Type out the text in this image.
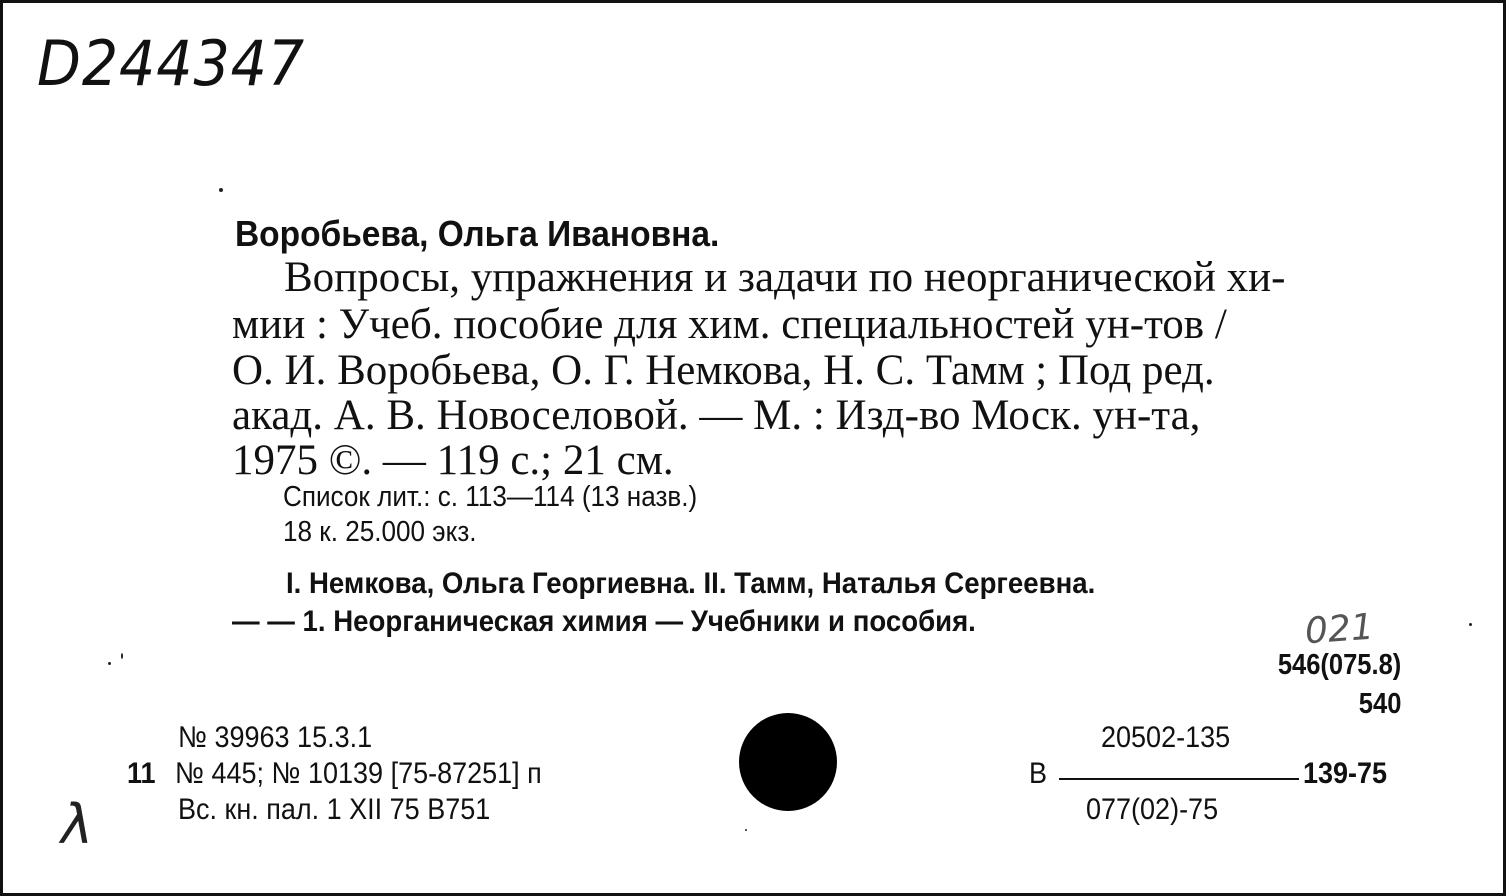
D244347
Воробьева, Ольга Ивановна.
Вопросы, упражнения и задачи по неорганической хи-
мии : Учеб. пособие для хим. специальностей ун-тов /
О. И. Воробьева, О. Г. Немкова, Н. С. Тамм ; Под ред.
акад. А. В. Новоселовой. — М. : Изд-во Моск. ун-та,
1975 ©. — 119 с.; 21 см.
Список лит.: с. 113—114 (13 назв.)
18 к. 25.000 экз.
I. Немкова, Ольга Георгиевна. II. Тамм, Наталья Сергеевна.
— — 1. Неорганическая химия — Учебники и пособия.	021
546(075.8)
540
№ 39963 15.3.1
11 № 445; № 10139 [75-87251] п
Вс. кн. пал. 1 XII 75 В751
20502-135
В	139-75
077(02)-75
λ
